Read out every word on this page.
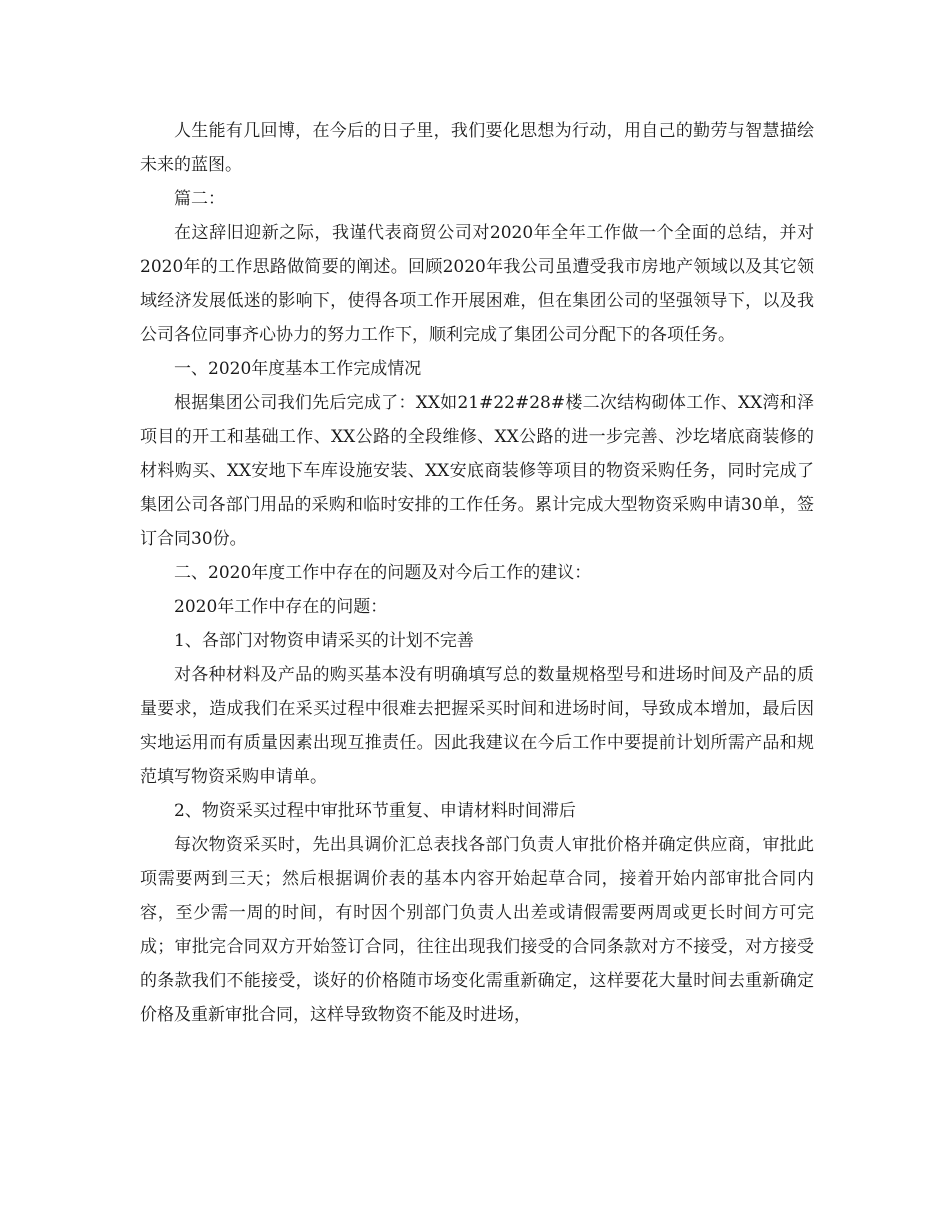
人生能有几回博，在今后的日子里，我们要化思想为行动，用自己的勤劳与智慧描绘未来的蓝图。

篇二：

在这辞旧迎新之际，我谨代表商贸公司对2020年全年工作做一个全面的总结，并对2020年的工作思路做简要的阐述。回顾2020年我公司虽遭受我市房地产领域以及其它领域经济发展低迷的影响下，使得各项工作开展困难，但在集团公司的坚强领导下，以及我公司各位同事齐心协力的努力工作下，顺利完成了集团公司分配下的各项任务。

一、2020年度基本工作完成情况

根据集团公司我们先后完成了：XX如21#22#28#楼二次结构砌体工作、XX湾和泽项目的开工和基础工作、XX公路的全段维修、XX公路的进一步完善、沙圪堵底商装修的材料购买、XX安地下车库设施安装、XX安底商装修等项目的物资采购任务，同时完成了集团公司各部门用品的采购和临时安排的工作任务。累计完成大型物资采购申请30单，签订合同30份。

二、2020年度工作中存在的问题及对今后工作的建议：

2020年工作中存在的问题：

1、各部门对物资申请采买的计划不完善

对各种材料及产品的购买基本没有明确填写总的数量规格型号和进场时间及产品的质量要求，造成我们在采买过程中很难去把握采买时间和进场时间，导致成本增加，最后因实地运用而有质量因素出现互推责任。因此我建议在今后工作中要提前计划所需产品和规范填写物资采购申请单。

2、物资采买过程中审批环节重复、申请材料时间滞后

每次物资采买时，先出具调价汇总表找各部门负责人审批价格并确定供应商，审批此项需要两到三天；然后根据调价表的基本内容开始起草合同，接着开始内部审批合同内容，至少需一周的时间，有时因个别部门负责人出差或请假需要两周或更长时间方可完成；审批完合同双方开始签订合同，往往出现我们接受的合同条款对方不接受，对方接受的条款我们不能接受，谈好的价格随市场变化需重新确定，这样要花大量时间去重新确定价格及重新审批合同，这样导致物资不能及时进场，
